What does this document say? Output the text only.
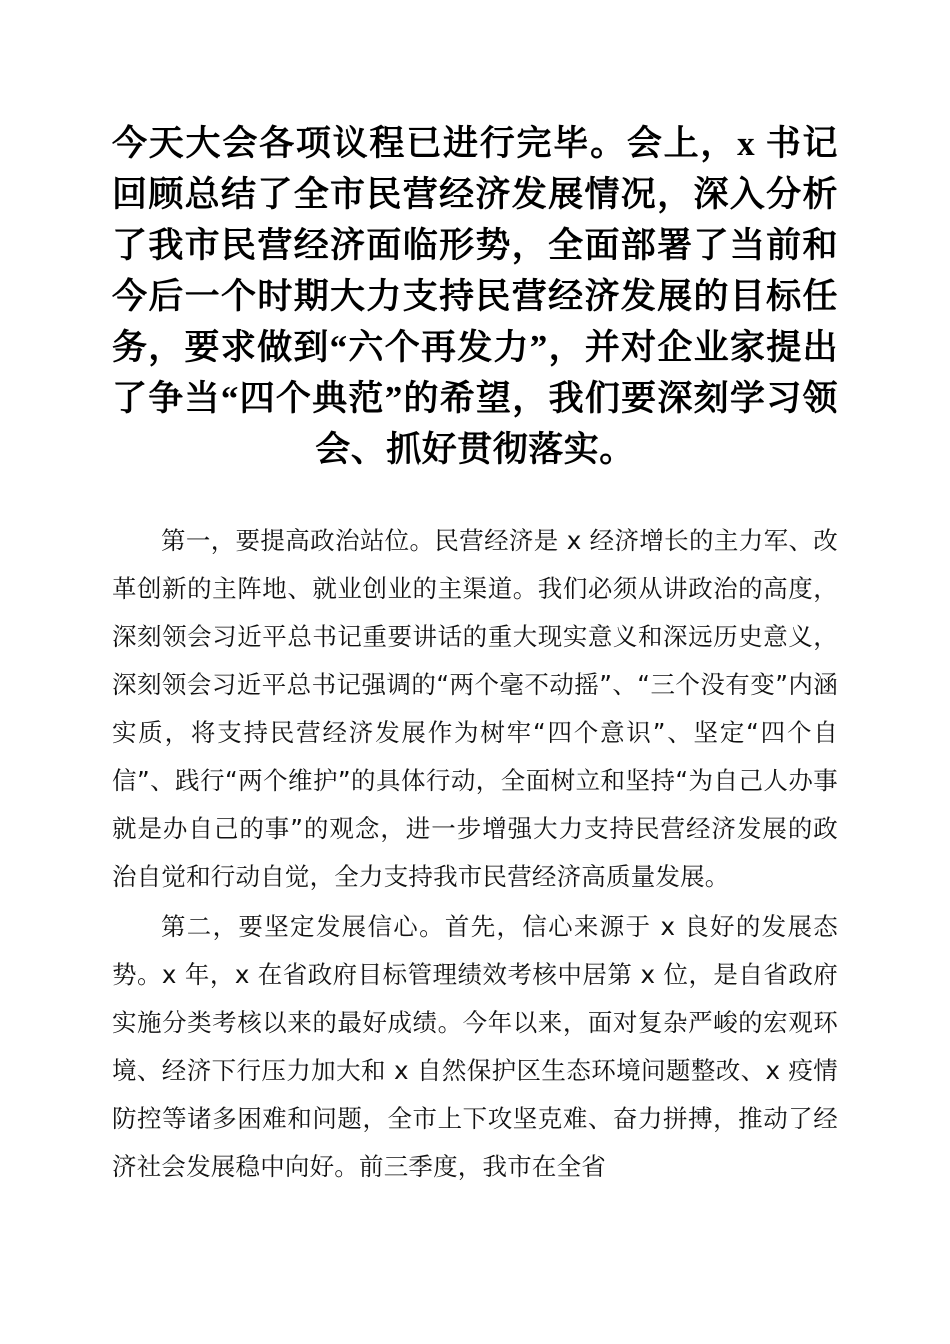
今天大会各项议程已进行完毕。会上，x 书记回顾总结了全市民营经济发展情况，深入分析了我市民营经济面临形势，全面部署了当前和今后一个时期大力支持民营经济发展的目标任务，要求做到“六个再发力”，并对企业家提出了争当“四个典范”的希望，我们要深刻学习领会、抓好贯彻落实。

第一，要提高政治站位。民营经济是 x 经济增长的主力军、改革创新的主阵地、就业创业的主渠道。我们必须从讲政治的高度，深刻领会习近平总书记重要讲话的重大现实意义和深远历史意义，深刻领会习近平总书记强调的“两个毫不动摇”、“三个没有变”内涵实质，将支持民营经济发展作为树牢“四个意识”、坚定“四个自信”、践行“两个维护”的具体行动，全面树立和坚持“为自己人办事就是办自己的事”的观念，进一步增强大力支持民营经济发展的政治自觉和行动自觉，全力支持我市民营经济高质量发展。

第二，要坚定发展信心。首先，信心来源于 x 良好的发展态势。x 年，x 在省政府目标管理绩效考核中居第 x 位，是自省政府实施分类考核以来的最好成绩。今年以来，面对复杂严峻的宏观环境、经济下行压力加大和 x 自然保护区生态环境问题整改、x 疫情防控等诸多困难和问题，全市上下攻坚克难、奋力拼搏，推动了经济社会发展稳中向好。前三季度，我市在全省
